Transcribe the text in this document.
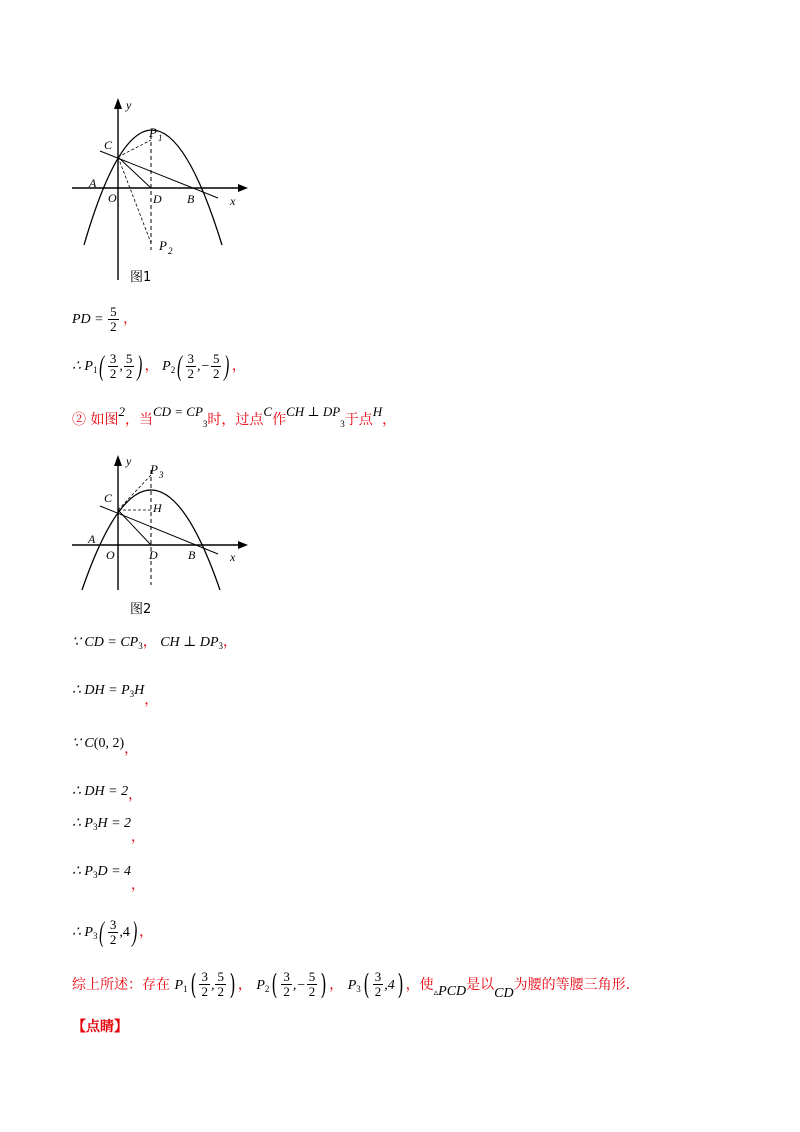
y
x
C
P 1
A
O	D B
P 2
图1
PD = $\frac{5}{2}$ ，
∴ $P_1( \frac{3}{2}$ , $\frac{5}{2}$ ) ， $P_2( \frac{3}{2}$ ,− $\frac{5}{2}$ ) ，
② 如图2，当CD = $CP_3$时，过点C作CH ⊥ $DP_3$于点H，
y
x
C
P 3
H
A
O	D	B
图2
∵ CD = $CP_3$， CH ⊥ $DP_3$，
∴ DH = $P_3H$，
∵ C(0, 2)，
∴ DH = 2，
∴ $P_3H = 2$，
∴ $P_3D = 4$，
∴ $P_3( \frac{3}{2} ,4)$ ，
综上所述：存在 $P_1( \frac{3}{2}$ , $\frac{5}{2}$ ) ， $P_2( \frac{3}{2}$ ,− $\frac{5}{2}$ ) ， $P_3( \frac{3}{2} ,4)$ ，使$_▵$PCD是以CD为腰的等腰三角形.
【点睛】
